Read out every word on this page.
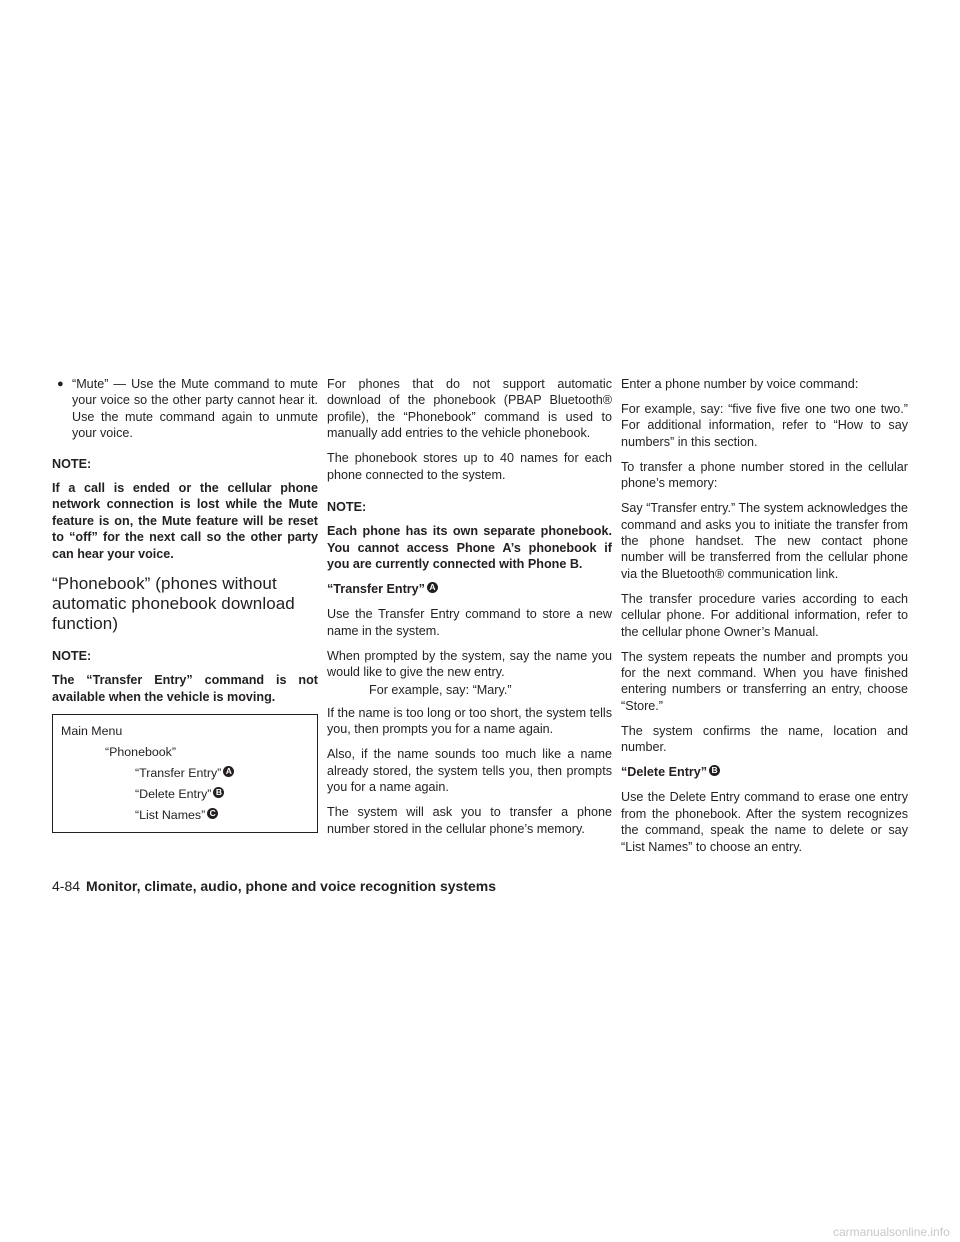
● “Mute” — Use the Mute command to mute your voice so the other party cannot hear it. Use the mute command again to unmute your voice.
NOTE:

If a call is ended or the cellular phone network connection is lost while the Mute feature is on, the Mute feature will be reset to “off” for the next call so the other party can hear your voice.

“Phonebook” (phones without automatic phonebook download function)
NOTE:

The “Transfer Entry” command is not available when the vehicle is moving.

Main Menu
“Phonebook”
“Transfer Entry” A
“Delete Entry” B
“List Names” C

For phones that do not support automatic download of the phonebook (PBAP Bluetooth® profile), the “Phonebook” command is used to manually add entries to the vehicle phonebook.

The phonebook stores up to 40 names for each phone connected to the system.

NOTE:

Each phone has its own separate phonebook. You cannot access Phone A’s phonebook if you are currently connected with Phone B.

“Transfer Entry” A

Use the Transfer Entry command to store a new name in the system.

When prompted by the system, say the name you would like to give the new entry.

For example, say: “Mary.”

If the name is too long or too short, the system tells you, then prompts you for a name again.

Also, if the name sounds too much like a name already stored, the system tells you, then prompts you for a name again.

The system will ask you to transfer a phone number stored in the cellular phone’s memory.

Enter a phone number by voice command:

For example, say: “five five five one two one two.” For additional information, refer to “How to say numbers” in this section.

To transfer a phone number stored in the cellular phone’s memory:

Say “Transfer entry.” The system acknowledges the command and asks you to initiate the transfer from the phone handset. The new contact phone number will be transferred from the cellular phone via the Bluetooth® communication link.

The transfer procedure varies according to each cellular phone. For additional information, refer to the cellular phone Owner’s Manual.

The system repeats the number and prompts you for the next command. When you have finished entering numbers or transferring an entry, choose “Store.”

The system confirms the name, location and number.

“Delete Entry” B

Use the Delete Entry command to erase one entry from the phonebook. After the system recognizes the command, speak the name to delete or say “List Names” to choose an entry.

4-84 Monitor, climate, audio, phone and voice recognition systems
carmanualsonline.info
